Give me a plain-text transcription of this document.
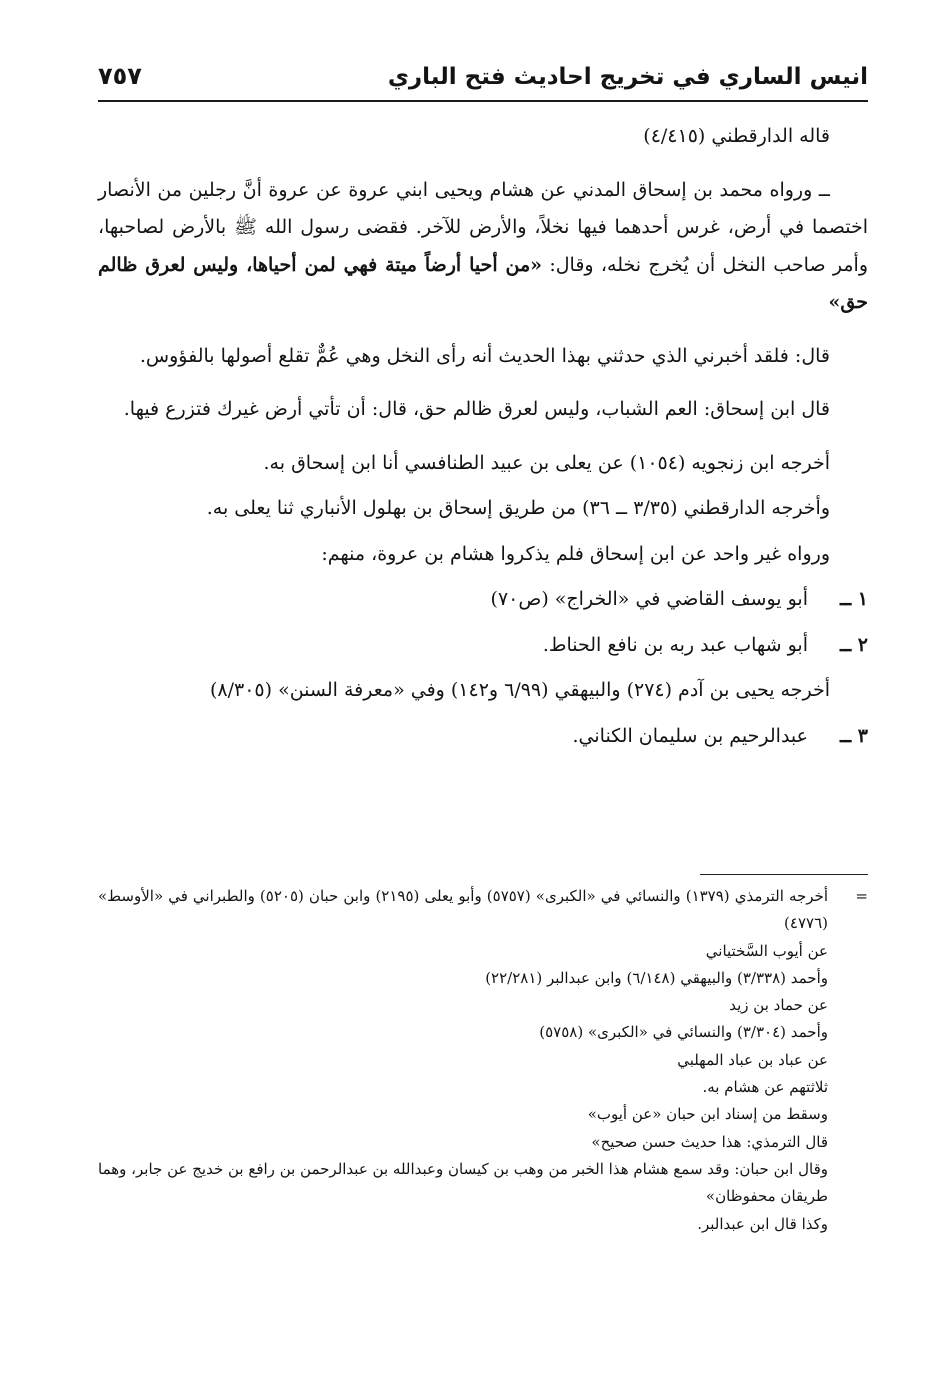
انيس الساري في تخريج احاديث فتح الباري
٧٥٧

قاله الدارقطني (٤/٤١٥)

ــ ورواه محمد بن إسحاق المدني عن هشام ويحيى ابني عروة عن عروة أنَّ رجلين من الأنصار اختصما في أرض، غرس أحدهما فيها نخلاً، والأرض للآخر. فقضى رسول الله ﷺ بالأرض لصاحبها، وأمر صاحب النخل أن يُخرج نخله، وقال: «من أحيا أرضاً ميتة فهي لمن أحياها، وليس لعرق ظالم حق»

قال: فلقد أخبرني الذي حدثني بهذا الحديث أنه رأى النخل وهي عُمٌّ تقلع أصولها بالفؤوس.

قال ابن إسحاق: العم الشباب، وليس لعرق ظالم حق، قال: أن تأتي أرض غيرك فتزرع فيها.

أخرجه ابن زنجويه (١٠٥٤) عن يعلى بن عبيد الطنافسي أنا ابن إسحاق به.

وأخرجه الدارقطني (٣/٣٥ ــ ٣٦) من طريق إسحاق بن بهلول الأنباري ثنا يعلى به.

ورواه غير واحد عن ابن إسحاق فلم يذكروا هشام بن عروة، منهم:

١ ــ
أبو يوسف القاضي في «الخراج» (ص٧٠)

٢ ــ
أبو شهاب عبد ربه بن نافع الحناط.

أخرجه يحيى بن آدم (٢٧٤) والبيهقي (٦/٩٩ و١٤٢) وفي «معرفة السنن» (٨/٣٠٥)

٣ ــ
عبدالرحيم بن سليمان الكناني.

=

أخرجه الترمذي (١٣٧٩) والنسائي في «الكبرى» (٥٧٥٧) وأبو يعلى (٢١٩٥) وابن حبان (٥٢٠٥) والطبراني في «الأوسط» (٤٧٧٦)

عن أيوب السَّختياني

وأحمد (٣/٣٣٨) والبيهقي (٦/١٤٨) وابن عبدالبر (٢٢/٢٨١)

عن حماد بن زيد

وأحمد (٣/٣٠٤) والنسائي في «الكبرى» (٥٧٥٨)

عن عباد بن عباد المهلبي

ثلاثتهم عن هشام به.

وسقط من إسناد ابن حبان «عن أيوب»

قال الترمذي: هذا حديث حسن صحيح»

وقال ابن حبان: وقد سمع هشام هذا الخبر من وهب بن كيسان وعبدالله بن عبدالرحمن بن رافع بن خديج عن جابر، وهما طريقان محفوظان»

وكذا قال ابن عبدالبر.
